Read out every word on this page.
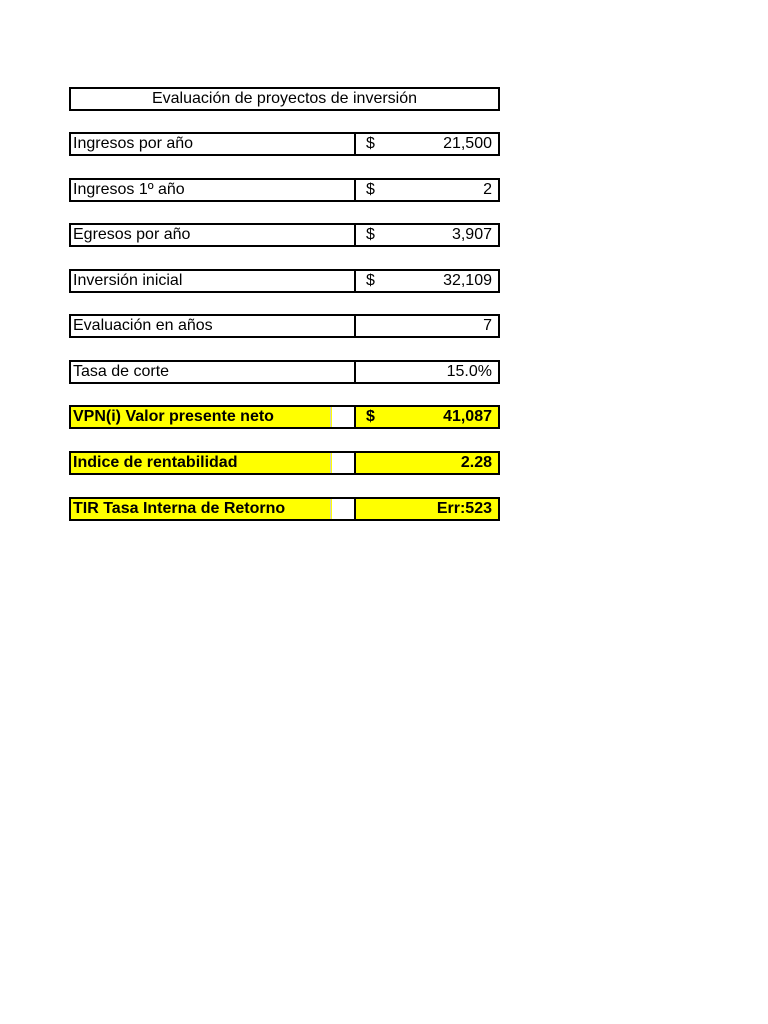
Evaluación de proyectos de inversión
Ingresos por año	$	21,500
Ingresos 1º año	$	2
Egresos por año	$	3,907
Inversión inicial	$	32,109
Evaluación en años	7
Tasa de corte	15.0%
VPN(i) Valor presente neto	$	41,087
Indice de rentabilidad	2.28
TIR Tasa Interna de Retorno	Err:523
